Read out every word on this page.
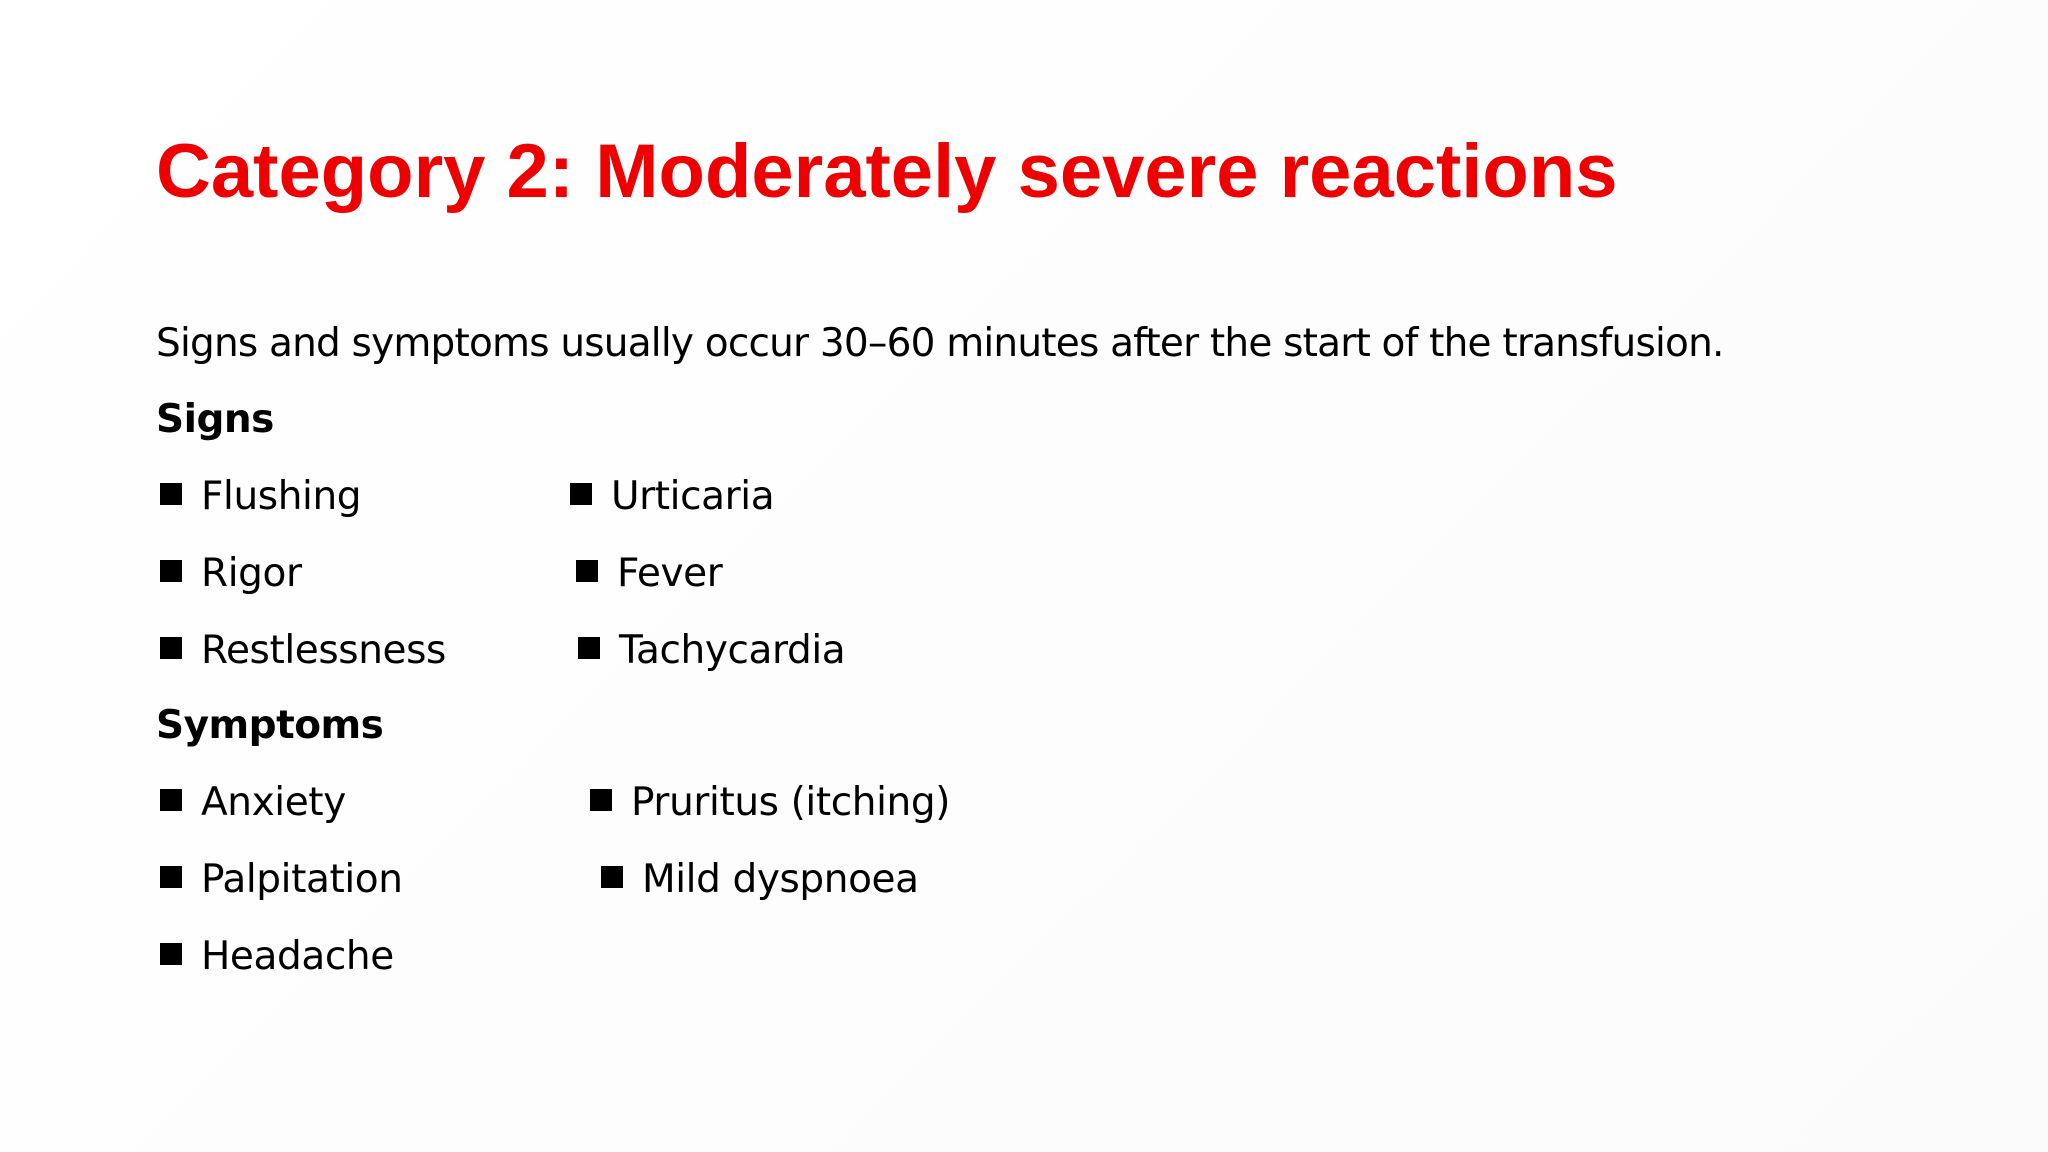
Category 2: Moderately severe reactions
Signs and symptoms usually occur 30–60 minutes after the start of the transfusion.
Signs
Flushing
Rigor
Restlessness
Urticaria
Fever
Tachycardia
Symptoms
Anxiety
Palpitation
Headache
Pruritus (itching)
Mild dyspnoea
